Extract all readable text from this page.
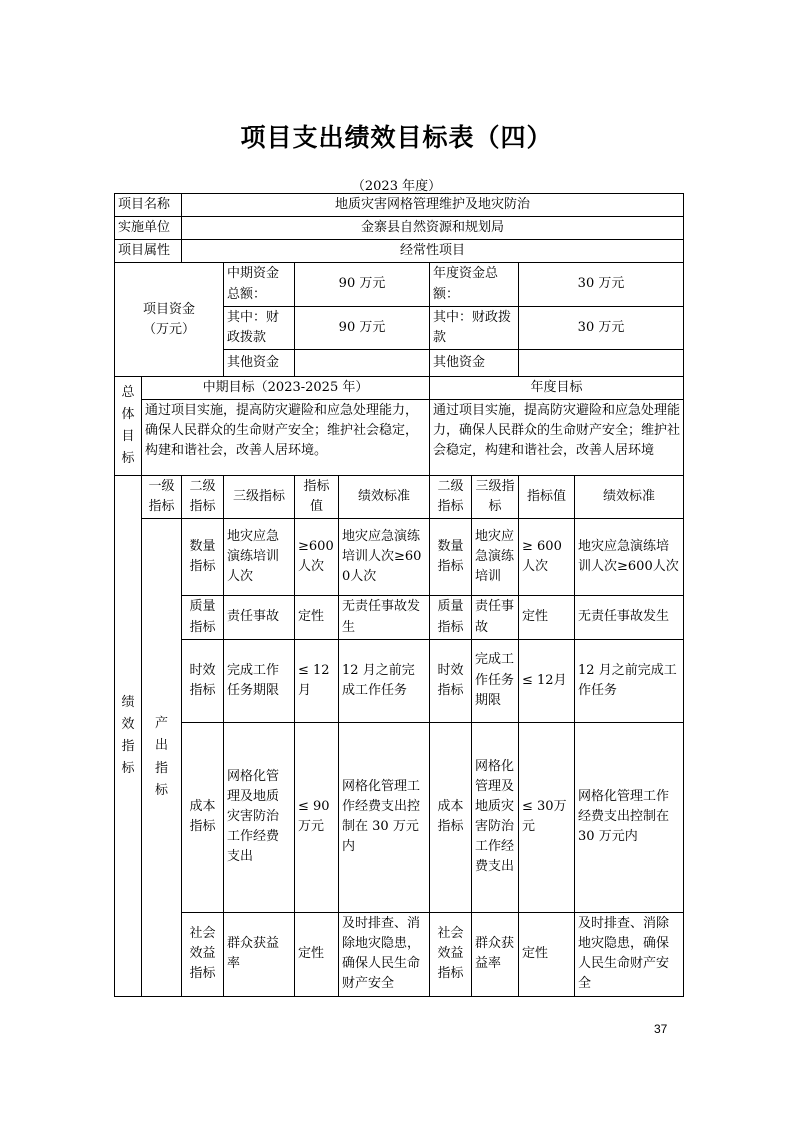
项目支出绩效目标表（四）
（2023 年度）
项目名称		地质灾害网格管理维护及地灾防治							
实施单位		金寨县自然资源和规划局							
项目属性		经常性项目							
项目资金（万元）			中期资金总额：	90 万元		年度资金总额：		30 万元	
			其中：财政拨款	90 万元		其中：财政拨款		30 万元	
			其他资金			其他资金			
总体目标	中期目标（2023-2025 年）					年度目标			
	通过项目实施，提高防灾避险和应急处理能力，确保人民群众的生命财产安全；维护社会稳定，构建和谐社会，改善人居环境。					通过项目实施，提高防灾避险和应急处理能力，确保人民群众的生命财产安全；维护社会稳定，构建和谐社会，改善人居环境			
绩效指标	一级指标	二级指标	三级指标	指标值	绩效标准	二级指标	三级指标	指标值	绩效标准
	产出指标	数量指标	地灾应急演练培训人次	≥600人次	地灾应急演练培训人次≥600人次	数量指标	地灾应急演练培训	≥ 600人次	地灾应急演练培训人次≥600人次
		质量指标	责任事故	定性	无责任事故发生	质量指标	责任事故	定性	无责任事故发生
		时效指标	完成工作任务期限	≤ 12月	12 月之前完成工作任务	时效指标	完成工作任务期限	≤ 12月	12 月之前完成工作任务
		成本指标	网格化管理及地质灾害防治工作经费支出	≤ 90万元	网格化管理工作经费支出控制在 30 万元内	成本指标	网格化管理及地质灾害防治工作经费支出	≤ 30万元	网格化管理工作经费支出控制在 30 万元内
		社会效益指标	群众获益率	定性	及时排查、消除地灾隐患，确保人民生命财产安全	社会效益指标	群众获益率	定性	及时排查、消除地灾隐患，确保人民生命财产安全
37
